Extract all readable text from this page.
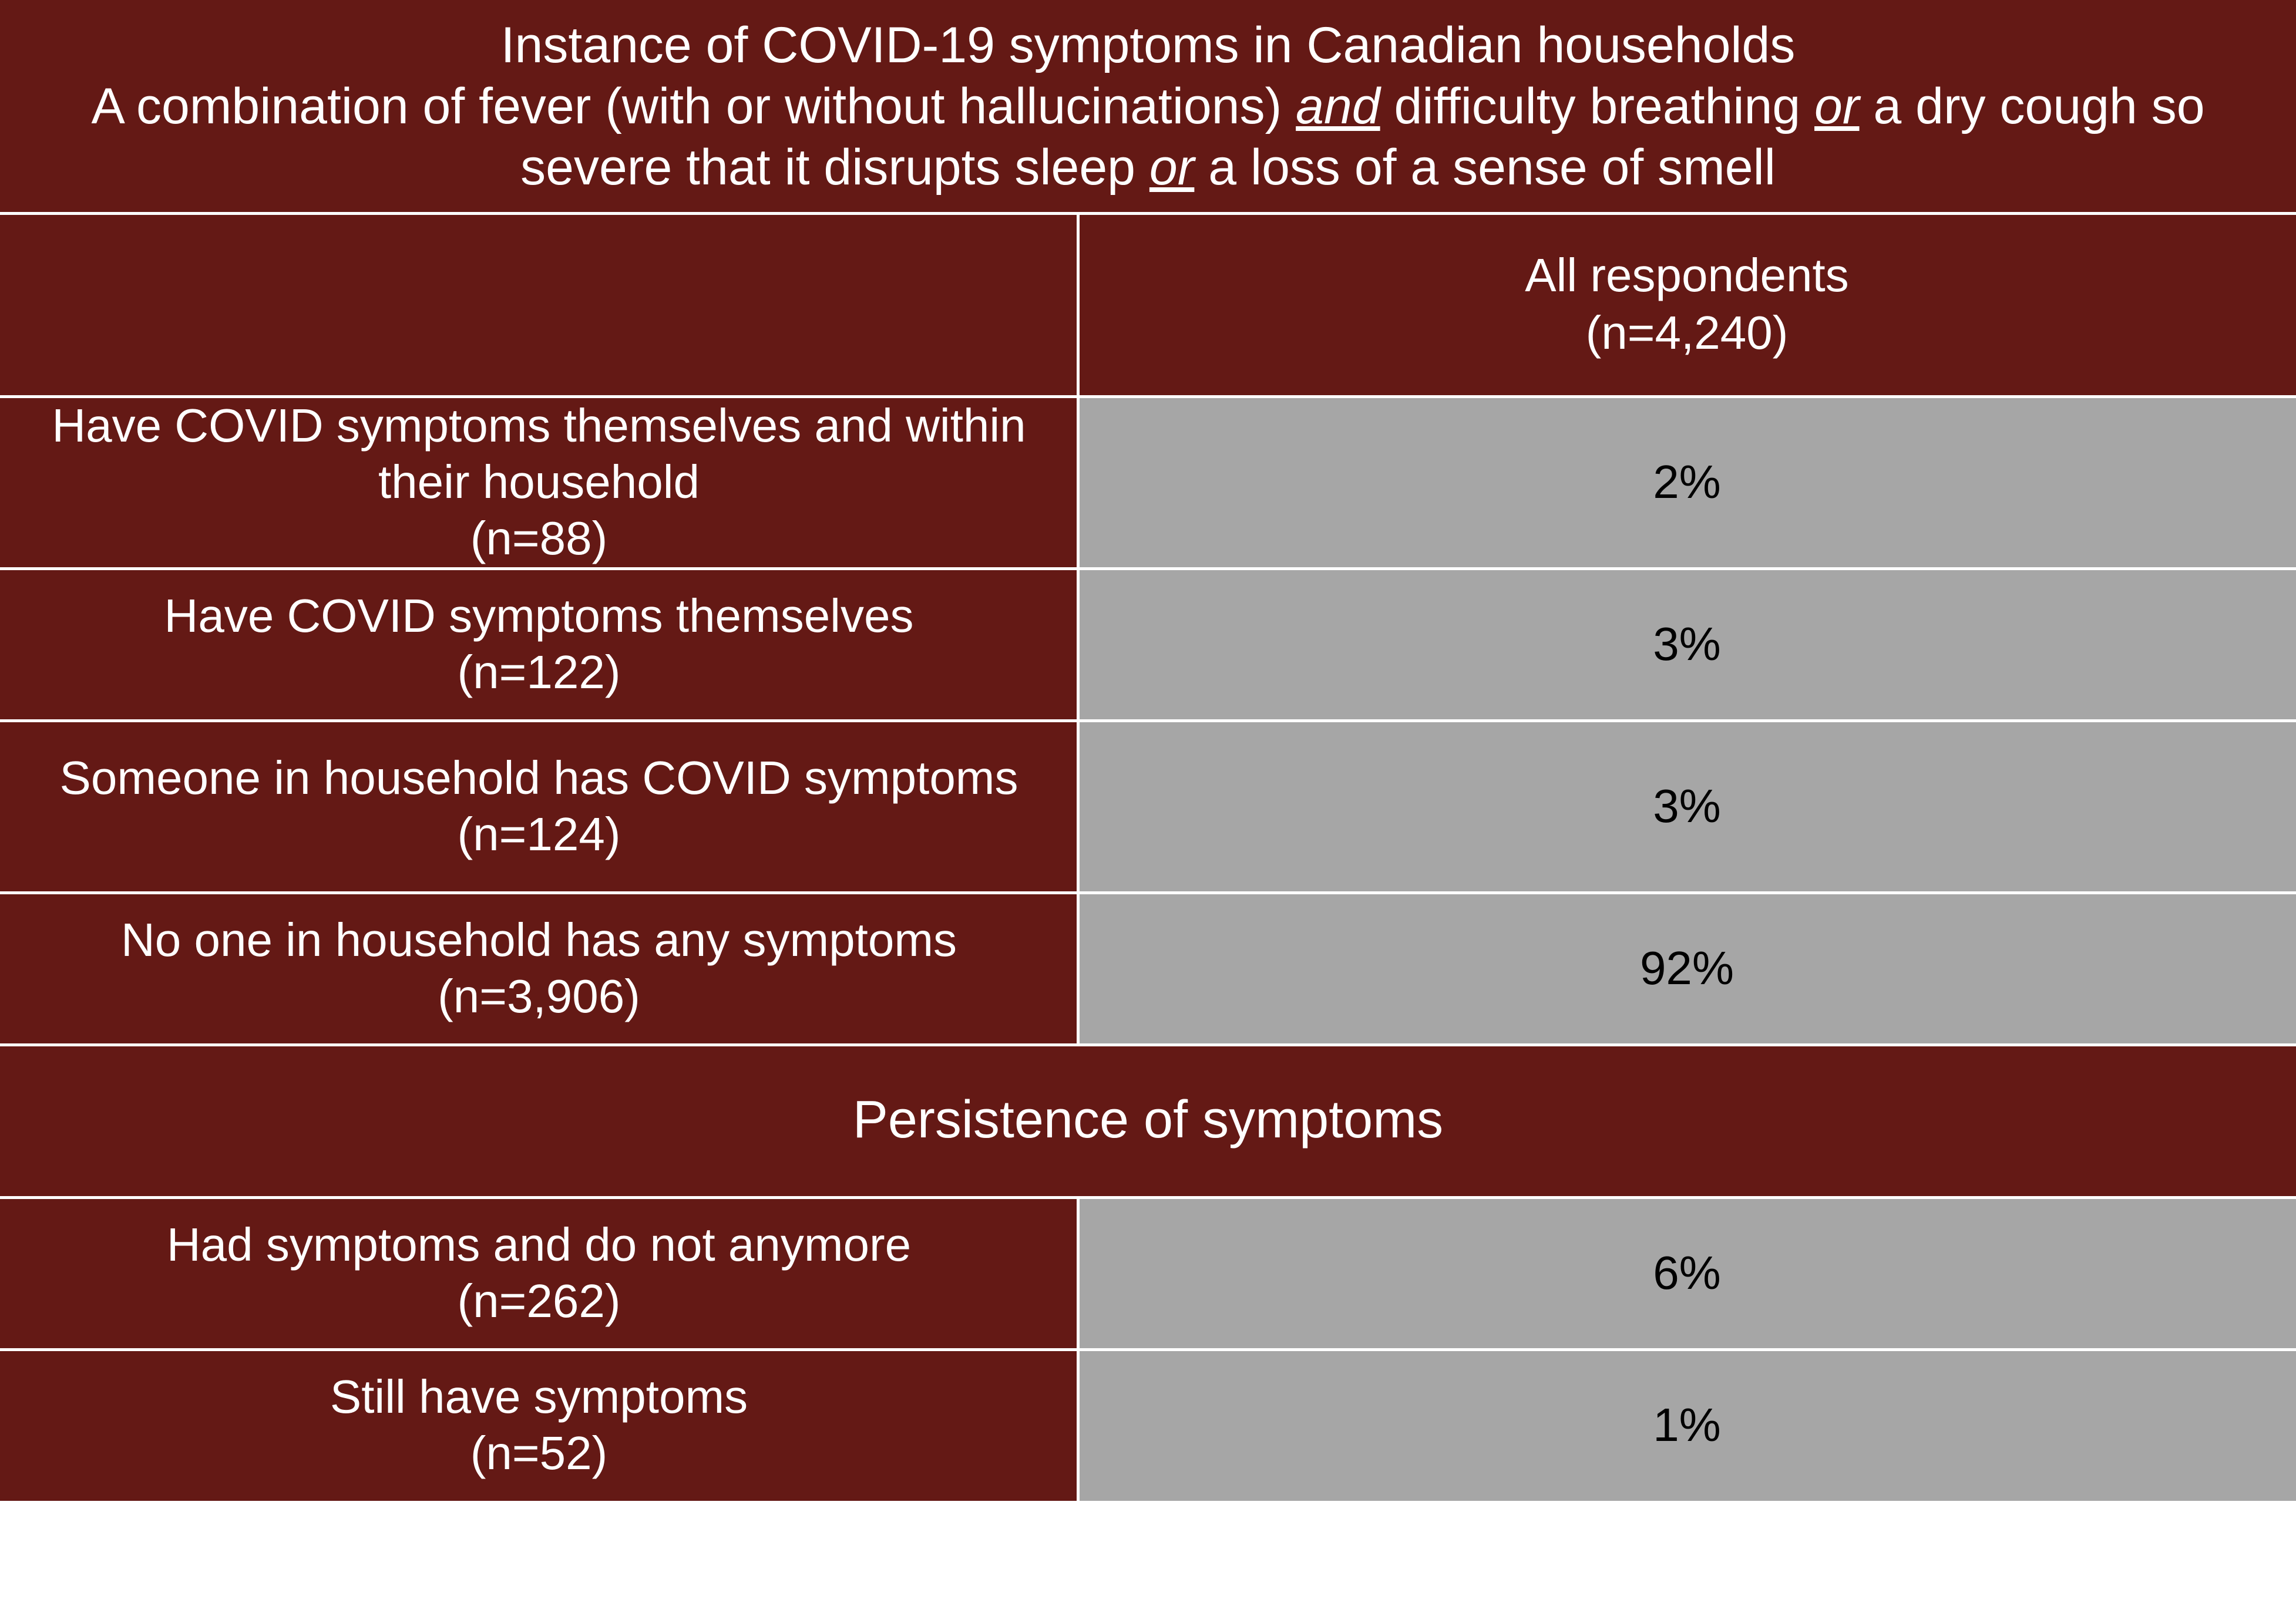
Instance of COVID-19 symptoms in Canadian households
A combination of fever (with or without hallucinations) and difficulty breathing or a dry cough so severe that it disrupts sleep or a loss of a sense of smell
All respondents
(n=4,240)
Have COVID symptoms themselves and within their household
(n=88)
2%
Have COVID symptoms themselves
(n=122)
3%
Someone in household has COVID symptoms
(n=124)
3%
No one in household has any symptoms
(n=3,906)
92%
Persistence of symptoms
Had symptoms and do not anymore
(n=262)
6%
Still have symptoms
(n=52)
1%
